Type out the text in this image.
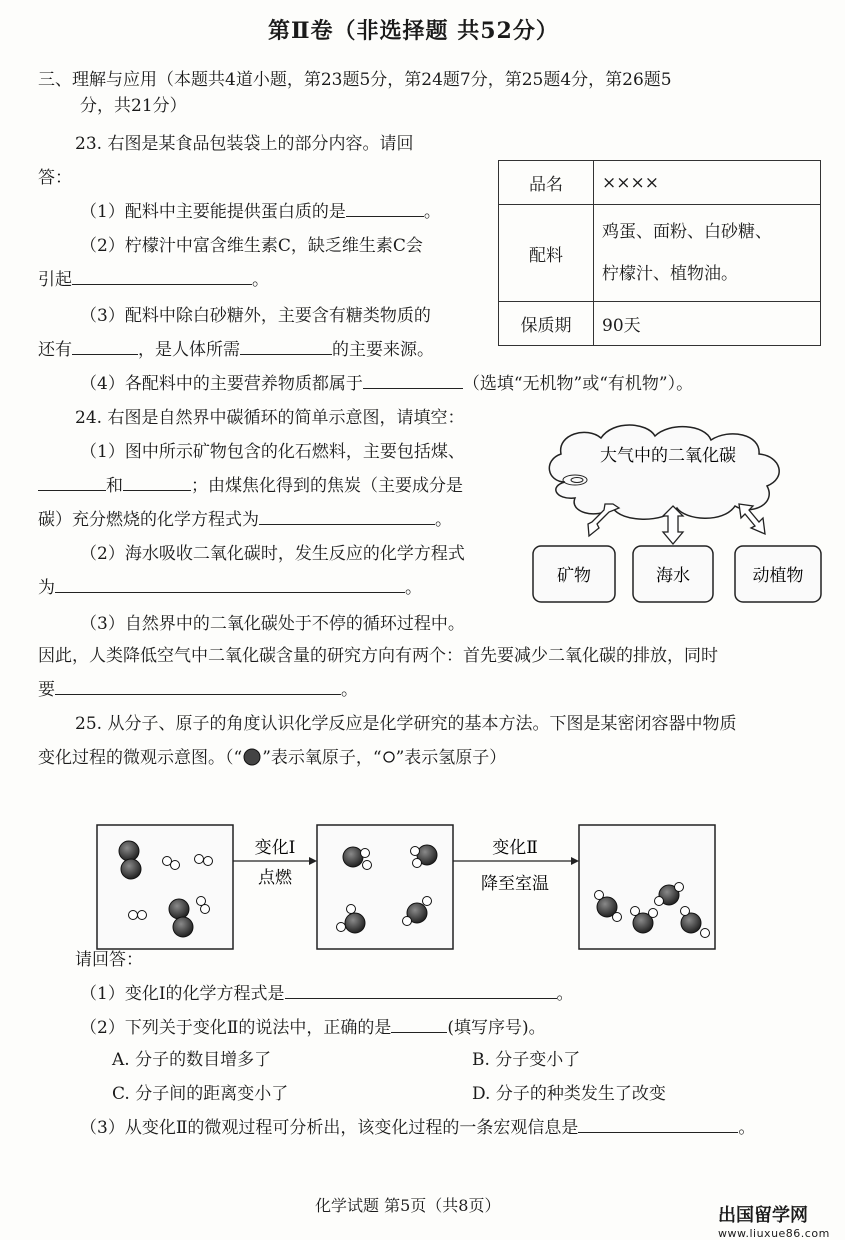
第Ⅱ卷（非选择题 共52分）
三、理解与应用（本题共4道小题，第23题5分，第24题7分，第25题4分，第26题5
分，共21分）
23. 右图是某食品包装袋上的部分内容。请回
答：
（1）配料中主要能提供蛋白质的是	。
（2）柠檬汁中富含维生素C，缺乏维生素C会
引起	。
（3）配料中除白砂糖外，主要含有糖类物质的
还有	，是人体所需	的主要来源。
（4）各配料中的主要营养物质都属于	（选填“无机物”或“有机物”）。
品名	××××
配料	鸡蛋、面粉、白砂糖、
柠檬汁、植物油。
保质期	90天
24. 右图是自然界中碳循环的简单示意图，请填空：
（1）图中所示矿物包含的化石燃料，主要包括煤、
和	；由煤焦化得到的焦炭（主要成分是
碳）充分燃烧的化学方程式为	。
（2）海水吸收二氧化碳时，发生反应的化学方程式
为	。
（3）自然界中的二氧化碳处于不停的循环过程中。
因此，人类降低空气中二氧化碳含量的研究方向有两个：首先要减少二氧化碳的排放，同时
要	。
大气中的二氧化碳
矿物	海水	动植物
25. 从分子、原子的角度认识化学反应是化学研究的基本方法。下图是某密闭容器中物质
变化过程的微观示意图。（“ ”表示氧原子，“ ”表示氢原子）
变化Ⅰ
点燃
变化Ⅱ
降至室温
请回答：
（1）变化Ⅰ的化学方程式是	。
（2）下列关于变化Ⅱ的说法中，正确的是	(填写序号)。
A. 分子的数目增多了	B. 分子变小了
C. 分子间的距离变小了	D. 分子的种类发生了改变
（3）从变化Ⅱ的微观过程可分析出，该变化过程的一条宏观信息是	。
化学试题 第5页（共8页）	出国留学网
www.liuxue86.com
